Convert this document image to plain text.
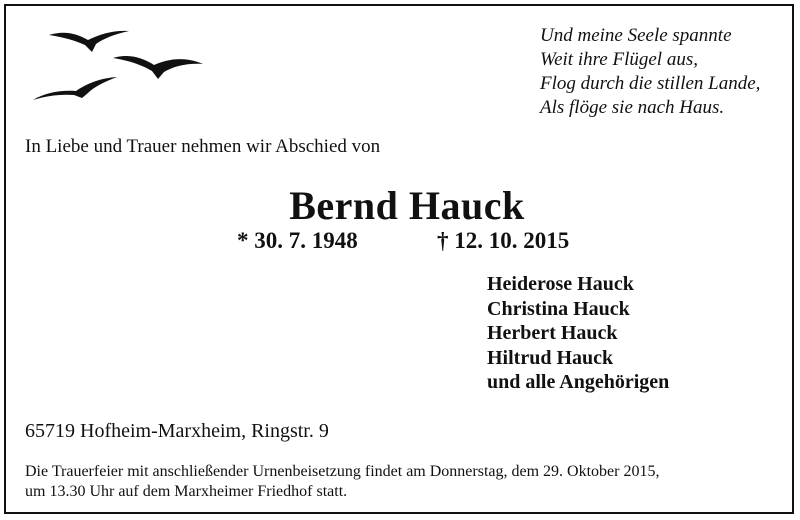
Und meine Seele spannte
Weit ihre Flügel aus,
Flog durch die stillen Lande,
Als flöge sie nach Haus.
In Liebe und Trauer nehmen wir Abschied von
Bernd Hauck
* 30. 7. 1948	† 12. 10. 2015
Heiderose Hauck
Christina Hauck
Herbert Hauck
Hiltrud Hauck
und alle Angehörigen
65719 Hofheim-Marxheim, Ringstr. 9
Die Trauerfeier mit anschließender Urnenbeisetzung findet am Donnerstag, dem 29. Oktober 2015,
um 13.30 Uhr auf dem Marxheimer Friedhof statt.
